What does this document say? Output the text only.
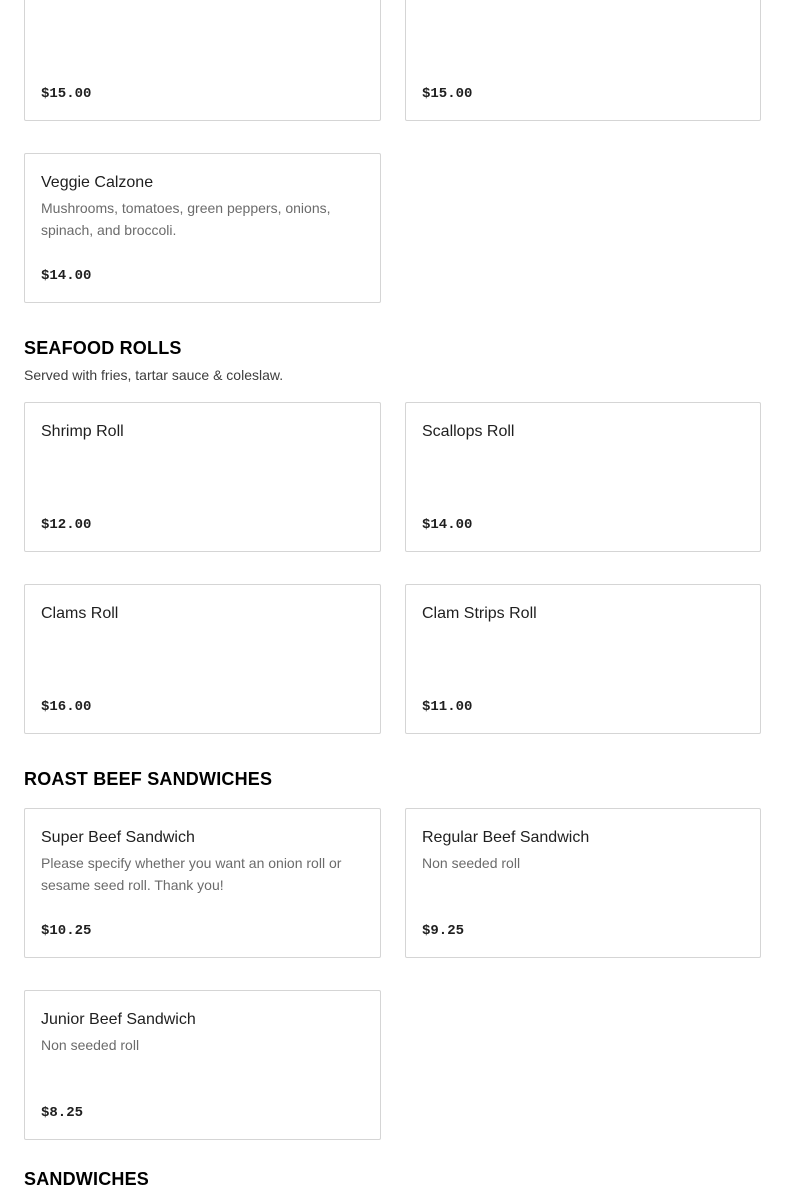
$15.00	$15.00
Veggie Calzone
Mushrooms, tomatoes, green peppers, onions, spinach, and broccoli.
$14.00
SEAFOOD ROLLS
Served with fries, tartar sauce & coleslaw.
Shrimp Roll
$12.00
Scallops Roll
$14.00
Clams Roll
$16.00
Clam Strips Roll
$11.00
ROAST BEEF SANDWICHES
Super Beef Sandwich
Please specify whether you want an onion roll or sesame seed roll. Thank you!
$10.25
Regular Beef Sandwich
Non seeded roll
$9.25
Junior Beef Sandwich
Non seeded roll
$8.25
SANDWICHES
